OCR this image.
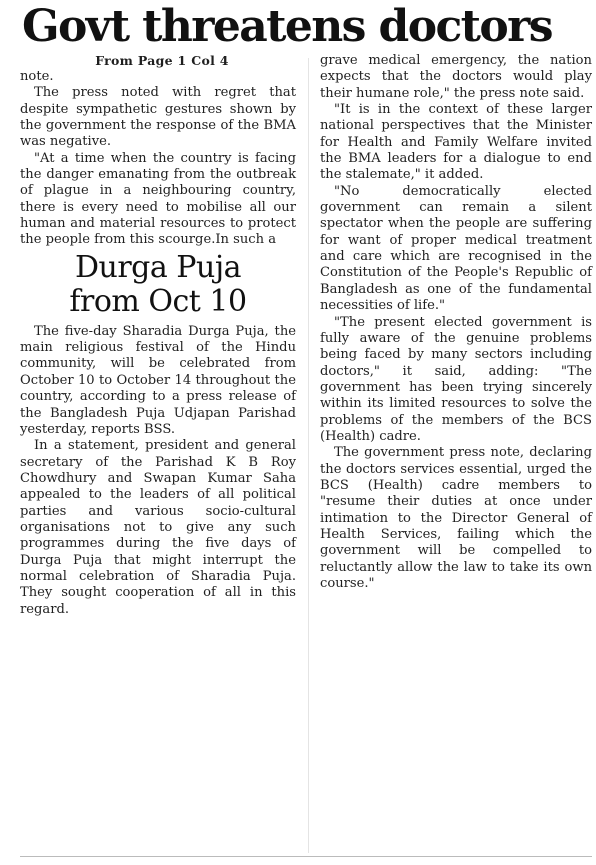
Govt threatens doctors
From Page 1 Col 4

note.

The press noted with regret that despite sympathetic gestures shown by the government the response of the BMA was negative.

"At a time when the country is facing the danger emanating from the outbreak of plague in a neighbouring country, there is every need to mobilise all our human and material resources to protect the people from this scourge.In such a

Durga Puja
from Oct 10

The five-day Sharadia Durga Puja, the main religious festival of the Hindu community, will be celebrated from October 10 to October 14 throughout the country, according to a press release of the Bangladesh Puja Udjapan Parishad yesterday, reports BSS.

In a statement, president and general secretary of the Parishad K B Roy Chowdhury and Swapan Kumar Saha appealed to the leaders of all political parties and various socio-cultural organisations not to give any such programmes during the five days of Durga Puja that might interrupt the normal celebration of Sharadia Puja. They sought cooperation of all in this regard.

grave medical emergency, the nation expects that the doctors would play their humane role," the press note said.

"It is in the context of these larger national perspectives that the Minister for Health and Family Welfare invited the BMA leaders for a dialogue to end the stalemate," it added.

"No democratically elected government can remain a silent spectator when the people are suffering for want of proper medical treatment and care which are recognised in the Constitution of the People's Republic of Bangladesh as one of the fundamental necessities of life."

"The present elected government is fully aware of the genuine problems being faced by many sectors including doctors," it said, adding: "The government has been trying sincerely within its limited resources to solve the problems of the members of the BCS (Health) cadre.

The government press note, declaring the doctors services essential, urged the BCS (Health) cadre members to "resume their duties at once under intimation to the Director General of Health Services, failing which the government will be compelled to reluctantly allow the law to take its own course."
